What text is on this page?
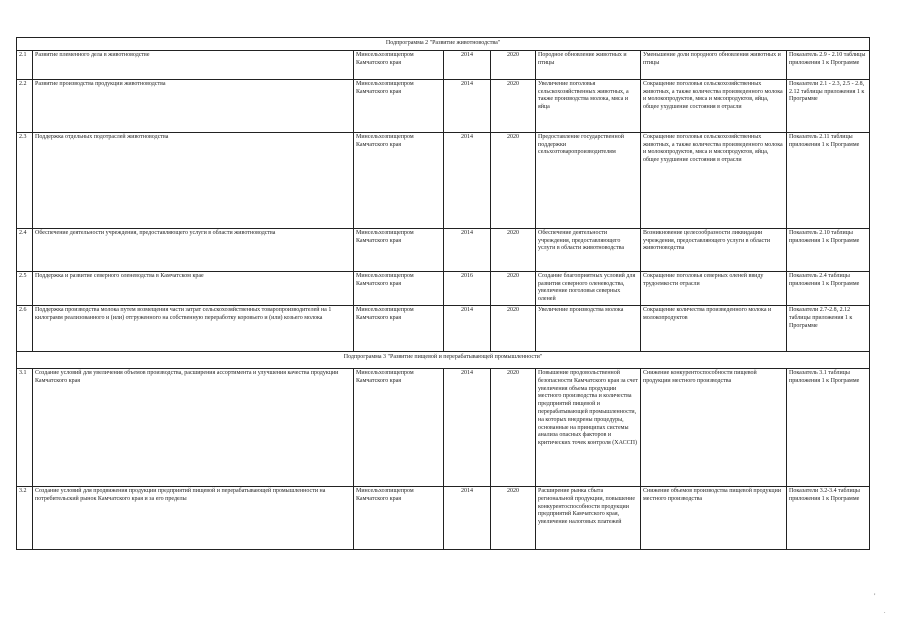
Подпрограмма 2 "Развитие животноводства"							
2.1	Развитие племенного дела в животноводстве	Минсельхозпищепром Камчатского края	2014	2020	Породное обновление животных и птицы	Уменьшение доли породного обновления животных и птицы	Показатель 2.9 - 2.10 таблицы приложения 1 к Программе
2.2	Развитие производства продукции животноводства	Минсельхозпищепром Камчатского края	2014	2020	Увеличение поголовья сельскохозяйственных животных, а также производства молока, мяса и яйца	Сокращение поголовья сельскохозяйственных животных, а также количества произведенного молока и молокопродуктов, мяса и мясопродуктов, яйца, общее ухудшение состояния в отрасли	Показатели 2.1 - 2.3, 2.5 - 2.8, 2.12 таблицы приложения 1 к Программе
2.3	Поддержка отдельных подотраслей животноводства	Минсельхозпищепром Камчатского края	2014	2020	Предоставление государственной поддержки сельхозтоваропроизводителям	Сокращение поголовья сельскохозяйственных животных, а также количества произведенного молока и молокопродуктов, мяса и мясопродуктов, яйца, общее ухудшение состояния в отрасли	Показатель 2.11 таблицы приложения 1 к Программе
2.4	Обеспечение деятельности учреждения, предоставляющего услуги в области животноводства	Минсельхозпищепром Камчатского края	2014	2020	Обеспечение деятельности учреждения, предоставляющего услуги в области животноводства	Возникновение целесообразности ликвидации учреждения, предоставляющего услуги в области животноводства	Показатель 2.10 таблицы приложения 1 к Программе
2.5	Поддержка и развитие северного оленеводства в Камчатском крае	Минсельхозпищепром Камчатского края	2016	2020	Создание благоприятных условий для развития северного оленеводства, увеличение поголовья северных оленей	Сокращение поголовья северных оленей ввиду трудоемкости отрасли	Показатель 2.4 таблицы приложения 1 к Программе
2.6	Поддержка производства молока путем возмещения части затрат сельскохозяйственных товаропроизводителей на 1 килограмм реализованного и (или) отгруженного на собственную переработку коровьего и (или) козьего молока	Минсельхозпищепром Камчатского края	2014	2020	Увеличение производства молока	Сокращение количества произведенного молока и молокопродуктов	Показатели 2.7-2.8, 2.12 таблицы приложения 1 к Программе
Подпрограмма 3 "Развитие пищевой и перерабатывающей промышленности"							
3.1	Создание условий для увеличения объемов производства, расширения ассортимента и улучшения качества продукции Камчатского края	Минсельхозпищепром Камчатского края	2014	2020	Повышение продовольственной безопасности Камчатского края за счет увеличения объема продукции местного производства и количества предприятий пищевой и перерабатывающей промышленности, на которых внедрены процедуры, основанные на принципах системы анализа опасных факторов и критических точек контроля (ХАССП)	Снижение конкурентоспособности пищевой продукции местного производства	Показатель 3.1 таблицы приложения 1 к Программе
3.2	Создание условий для продвижения продукции предприятий пищевой и перерабатывающей промышленности на потребительский рынок Камчатского края и за его пределы	Минсельхозпищепром Камчатского края	2014	2020	Расширение рынка сбыта региональной продукции, повышение конкурентоспособности продукции предприятий Камчатского края, увеличение налоговых платежей	Снижение объемов производства пищевой продукции местного производства	Показатели 3.2-3.4 таблицы приложения 1 к Программе
,
.
